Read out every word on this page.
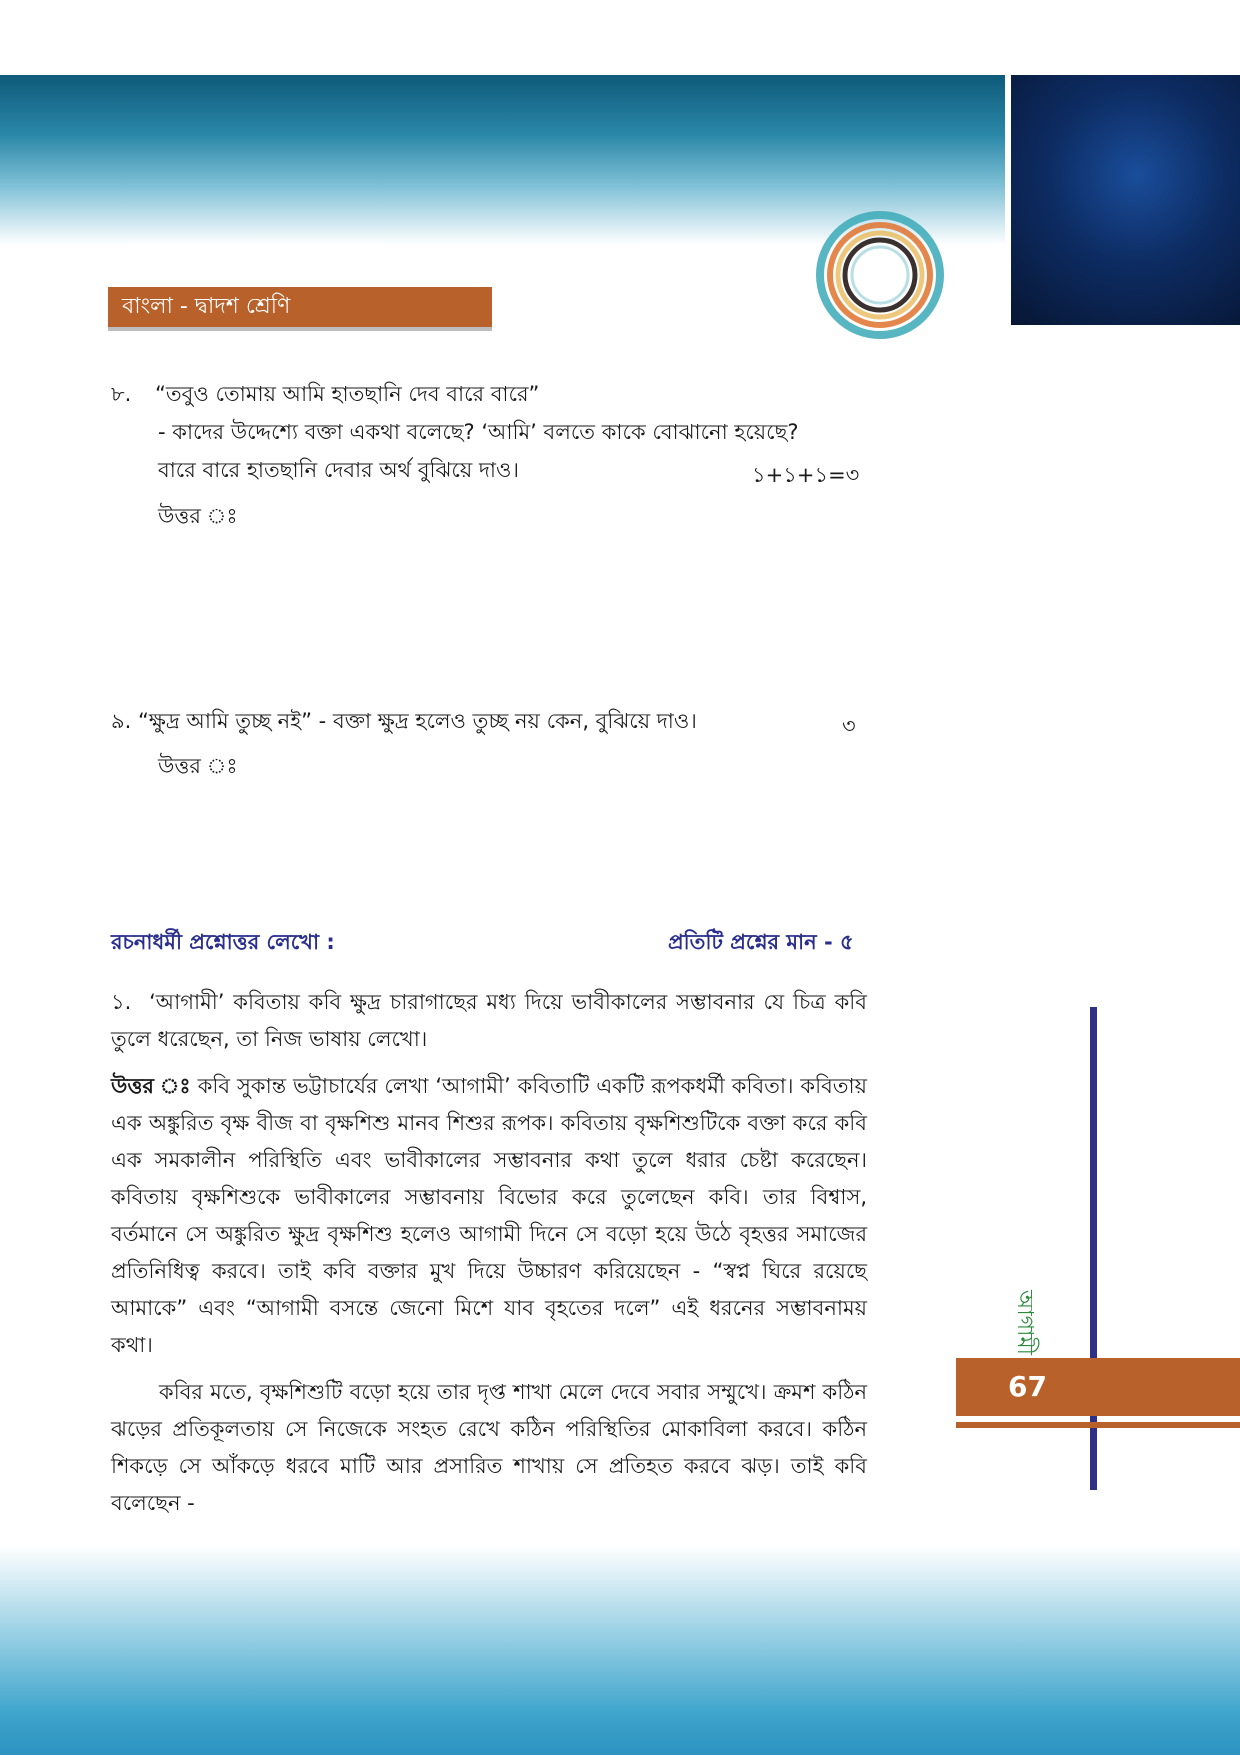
বাংলা - দ্বাদশ শ্রেণি
৮. “তবুও তোমায় আমি হাতছানি দেব বারে বারে”
- কাদের উদ্দেশ্যে বক্তা একথা বলেছে? ‘আমি’ বলতে কাকে বোঝানো হয়েছে?
বারে বারে হাতছানি দেবার অর্থ বুঝিয়ে দাও।	১+১+১=৩
উত্তর ঃ
৯. “ক্ষুদ্র আমি তুচ্ছ নই” - বক্তা ক্ষুদ্র হলেও তুচ্ছ নয় কেন, বুঝিয়ে দাও।	৩
উত্তর ঃ
রচনাধর্মী প্রশ্নোত্তর লেখো :	প্রতিটি প্রশ্নের মান - ৫
১. ‘আগামী’ কবিতায় কবি ক্ষুদ্র চারাগাছের মধ্য দিয়ে ভাবীকালের সম্ভাবনার যে চিত্র কবি তুলে ধরেছেন, তা নিজ ভাষায় লেখো।
উত্তর ঃ কবি সুকান্ত ভট্টাচার্যের লেখা ‘আগামী’ কবিতাটি একটি রূপকধর্মী কবিতা। কবিতায় এক অঙ্কুরিত বৃক্ষ বীজ বা বৃক্ষশিশু মানব শিশুর রূপক। কবিতায় বৃক্ষশিশুটিকে বক্তা করে কবি এক সমকালীন পরিস্থিতি এবং ভাবীকালের সম্ভাবনার কথা তুলে ধরার চেষ্টা করেছেন। কবিতায় বৃক্ষশিশুকে ভাবীকালের সম্ভাবনায় বিভোর করে তুলেছেন কবি। তার বিশ্বাস, বর্তমানে সে অঙ্কুরিত ক্ষুদ্র বৃক্ষশিশু হলেও আগামী দিনে সে বড়ো হয়ে উঠে বৃহত্তর সমাজের প্রতিনিধিত্ব করবে। তাই কবি বক্তার মুখ দিয়ে উচ্চারণ করিয়েছেন - “স্বপ্ন ঘিরে রয়েছে আমাকে” এবং “আগামী বসন্তে জেনো মিশে যাব বৃহতের দলে” এই ধরনের সম্ভাবনাময় কথা।
কবির মতে, বৃক্ষশিশুটি বড়ো হয়ে তার দৃপ্ত শাখা মেলে দেবে সবার সম্মুখে। ক্রমশ কঠিন ঝড়ের প্রতিকূলতায় সে নিজেকে সংহত রেখে কঠিন পরিস্থিতির মোকাবিলা করবে। কঠিন শিকড়ে সে আঁকড়ে ধরবে মাটি আর প্রসারিত শাখায় সে প্রতিহত করবে ঝড়। তাই কবি বলেছেন -
আগামী
67
